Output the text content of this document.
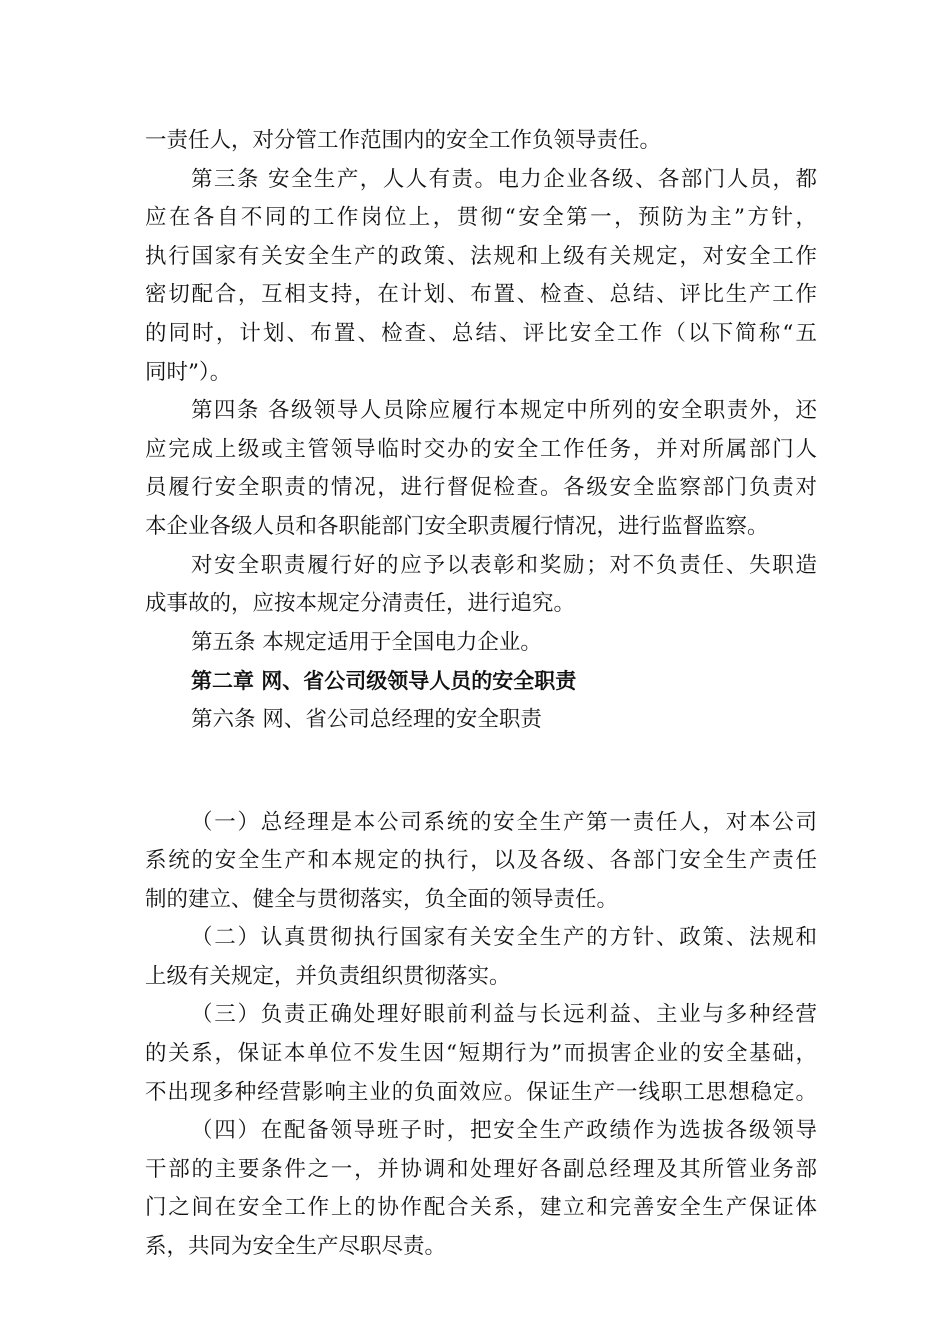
一责任人，对分管工作范围内的安全工作负领导责任。
第三条 安全生产，人人有责。电力企业各级、各部门人员，都
应在各自不同的工作岗位上，贯彻“安全第一，预防为主”方针，
执行国家有关安全生产的政策、法规和上级有关规定，对安全工作
密切配合，互相支持，在计划、布置、检查、总结、评比生产工作
的同时，计划、布置、检查、总结、评比安全工作（以下简称“五
同时”）。
第四条 各级领导人员除应履行本规定中所列的安全职责外，还
应完成上级或主管领导临时交办的安全工作任务，并对所属部门人
员履行安全职责的情况，进行督促检查。各级安全监察部门负责对
本企业各级人员和各职能部门安全职责履行情况，进行监督监察。
对安全职责履行好的应予以表彰和奖励；对不负责任、失职造
成事故的，应按本规定分清责任，进行追究。
第五条 本规定适用于全国电力企业。
第二章 网、省公司级领导人员的安全职责
第六条 网、省公司总经理的安全职责
（一）总经理是本公司系统的安全生产第一责任人，对本公司
系统的安全生产和本规定的执行，以及各级、各部门安全生产责任
制的建立、健全与贯彻落实，负全面的领导责任。
（二）认真贯彻执行国家有关安全生产的方针、政策、法规和
上级有关规定，并负责组织贯彻落实。
（三）负责正确处理好眼前利益与长远利益、主业与多种经营
的关系，保证本单位不发生因“短期行为”而损害企业的安全基础，
不出现多种经营影响主业的负面效应。保证生产一线职工思想稳定。
（四）在配备领导班子时，把安全生产政绩作为选拔各级领导
干部的主要条件之一，并协调和处理好各副总经理及其所管业务部
门之间在安全工作上的协作配合关系，建立和完善安全生产保证体
系，共同为安全生产尽职尽责。
